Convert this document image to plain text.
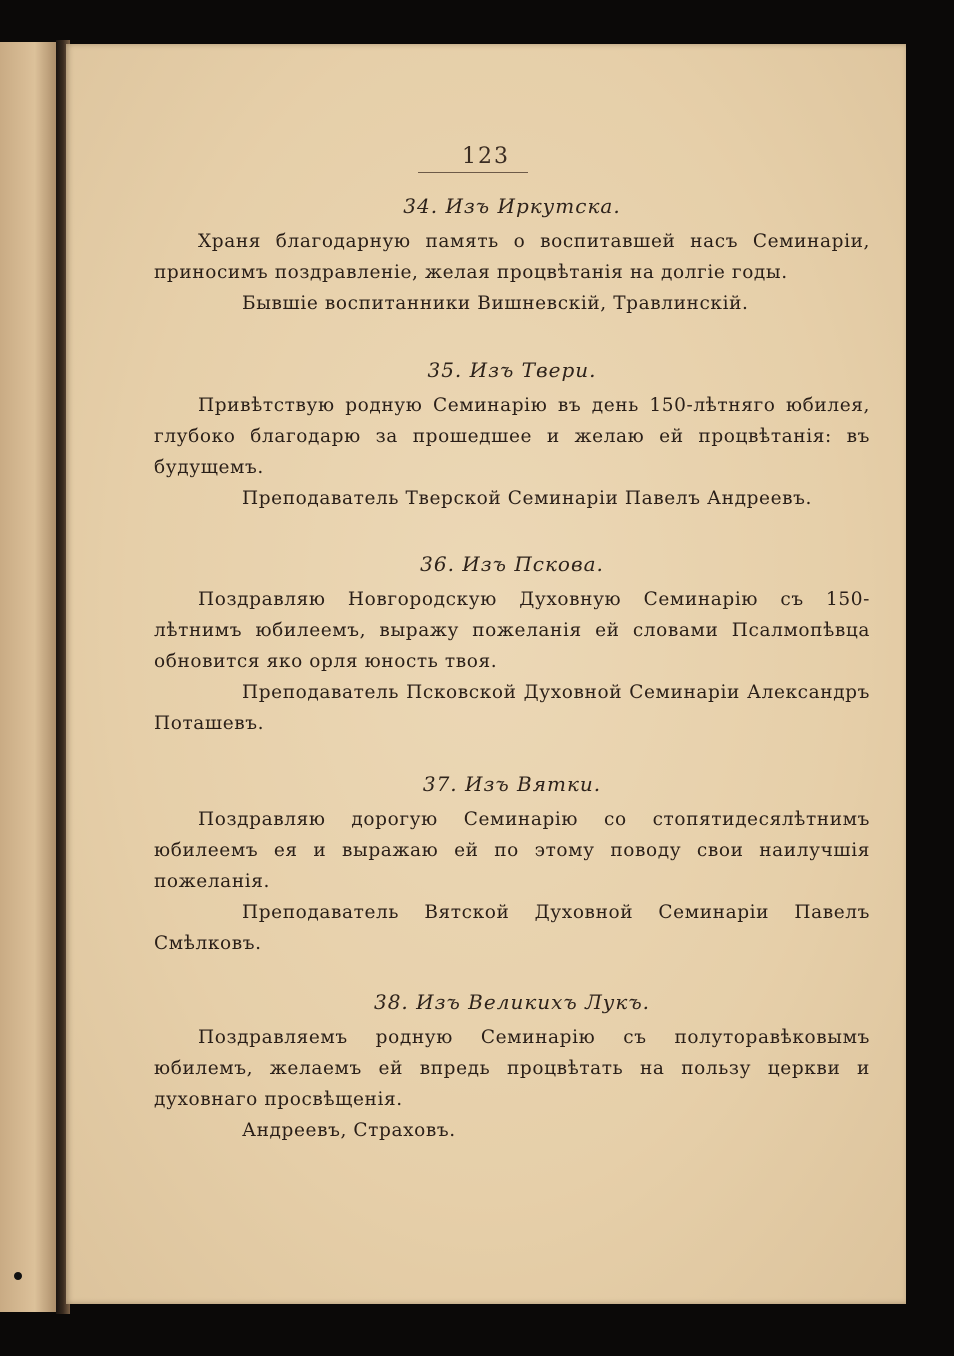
123
34. Изъ Иркутска.

Храня благодарную память о воспитавшей насъ Семинаріи, приносимъ поздравленіе, желая процвѣтанія на долгіе годы.

Бывшіе воспитанники Вишневскій, Травлинскій.

35. Изъ Твери.

Привѣтствую родную Семинарію въ день 150-лѣтняго юбилея, глубоко благодарю за прошедшее и желаю ей процвѣтанія: въ будущемъ.

Преподаватель Тверской Семинаріи Павелъ Андреевъ.

36. Изъ Пскова.

Поздравляю Новгородскую Духовную Семинарію съ 150-лѣтнимъ юбилеемъ, выражу пожеланія ей словами Псалмопѣвца обновится яко орля юность твоя.

Преподаватель Псковской Духовной Семинаріи Александръ Поташевъ.

37. Изъ Вятки.

Поздравляю дорогую Семинарію со стопятидесялѣтнимъ юбилеемъ ея и выражаю ей по этому поводу свои наилучшія пожеланія.

Преподаватель Вятской Духовной Семинаріи Павелъ Смѣлковъ.

38. Изъ Великихъ Лукъ.

Поздравляемъ родную Семинарію съ полуторавѣковымъ юбилемъ, желаемъ ей впредь процвѣтать на пользу церкви и духовнаго просвѣщенія.

Андреевъ, Страховъ.
